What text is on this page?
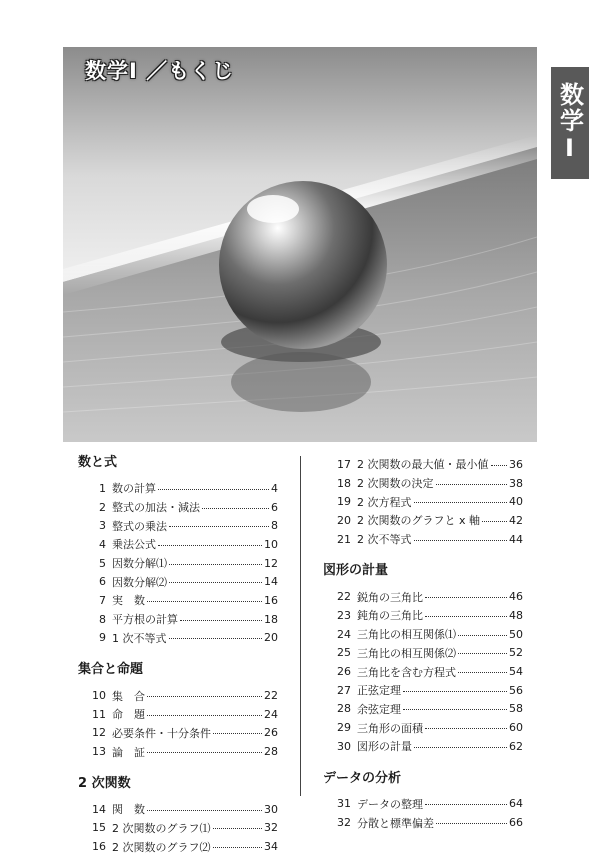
数学Ⅰ ／もくじ
数学Ⅰ
数と式
1 数の計算	4
2 整式の加法・減法	6
3 整式の乗法	8
4 乗法公式	10
5 因数分解⑴	12
6 因数分解⑵	14
7 実　数	16
8 平方根の計算	18
9 1 次不等式	20
集合と命題
10 集　合	22
11 命　題	24
12 必要条件・十分条件	26
13 論　証	28
2 次関数
14 関　数	30
15 2 次関数のグラフ⑴	32
16 2 次関数のグラフ⑵	34
17 2 次関数の最大値・最小値 36
18 2 次関数の決定	38
19 2 次方程式	40
20 2 次関数のグラフと x 軸	42
21 2 次不等式	44
図形の計量
22 鋭角の三角比	46
23 鈍角の三角比	48
24 三角比の相互関係⑴	50
25 三角比の相互関係⑵	52
26 三角比を含む方程式	54
27 正弦定理	56
28 余弦定理	58
29 三角形の面積	60
30 図形の計量	62
データの分析
31 データの整理	64
32 分散と標準偏差	66
